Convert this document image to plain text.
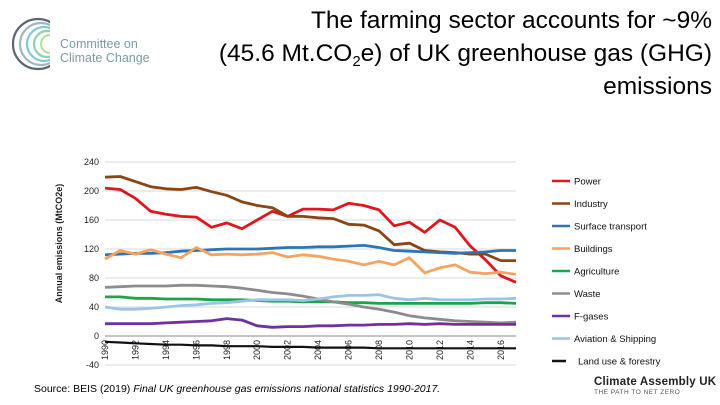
Committee on
Climate Change
The farming sector accounts for ~9%
(45.6 $Mt.CO_2e$) of UK greenhouse gas (GHG)
emissions
-40
0
40
80
120
160
200
240
1990 1992 1994 1996 1998 2000 2002 2004 2006 2008 2010 2012 2014 2016
Annual emissions (MtCO2e)
Power
Industry
Surface transport
Buildings
Agriculture
Waste
F-gases
Aviation & Shipping
Land use & forestry
Source: BEIS (2019) Final UK greenhouse gas emissions national statistics 1990-2017.
Climate Assembly UK
THE PATH TO NET ZERO
